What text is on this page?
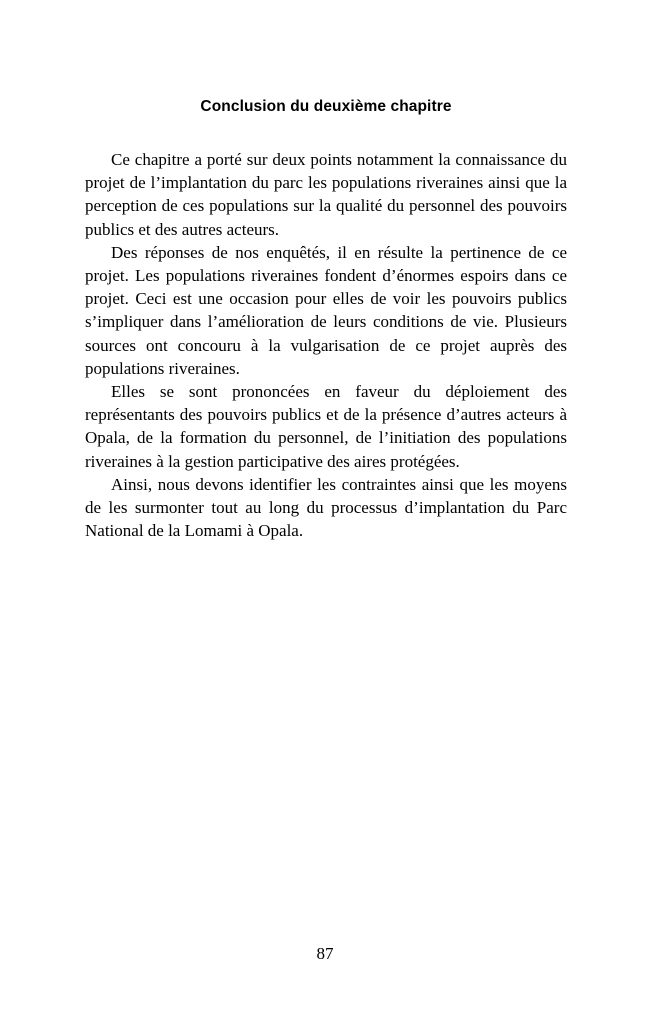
Conclusion du deuxième chapitre

Ce chapitre a porté sur deux points notamment la connaissance du projet de l’implantation du parc les populations riveraines ainsi que la perception de ces populations sur la qualité du personnel des pouvoirs publics et des autres acteurs.

Des réponses de nos enquêtés, il en résulte la pertinence de ce projet. Les populations riveraines fondent d’énormes espoirs dans ce projet. Ceci est une occasion pour elles de voir les pouvoirs publics s’impliquer dans l’amélioration de leurs conditions de vie. Plusieurs sources ont concouru à la vulgarisation de ce projet auprès des populations riveraines.

Elles se sont prononcées en faveur du déploiement des représentants des pouvoirs publics et de la présence d’autres acteurs à Opala, de la formation du personnel, de l’initiation des populations riveraines à la gestion participative des aires protégées.

Ainsi, nous devons identifier les contraintes ainsi que les moyens de les surmonter tout au long du processus d’implantation du Parc National de la Lomami à Opala.

87
